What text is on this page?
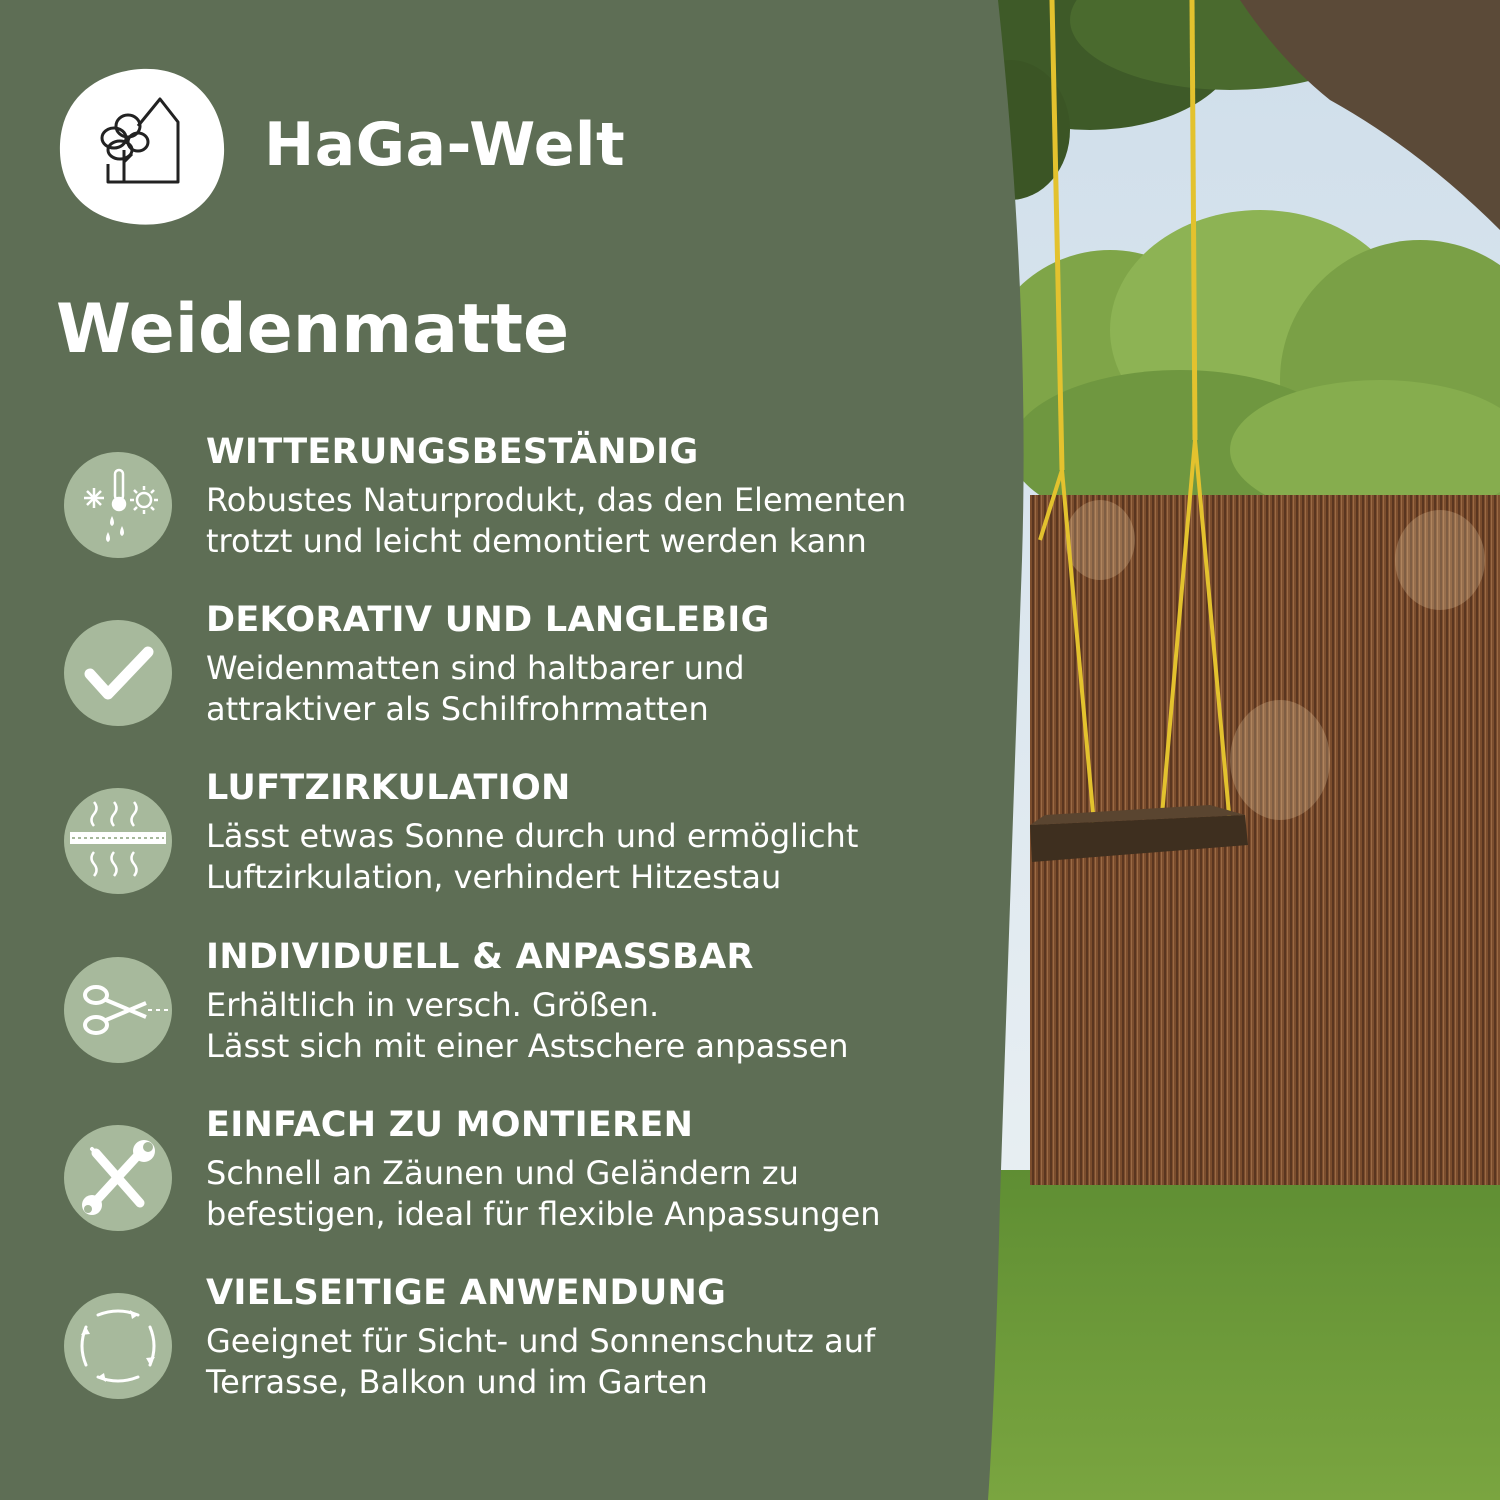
HaGa-Welt
Weidenmatte

WITTERUNGSBESTÄNDIG

Robustes Naturprodukt, das den Elementen
trotzt und leicht demontiert werden kann

DEKORATIV UND LANGLEBIG

Weidenmatten sind haltbarer und
attraktiver als Schilfrohrmatten

LUFTZIRKULATION

Lässt etwas Sonne durch und ermöglicht
Luftzirkulation, verhindert Hitzestau

INDIVIDUELL & ANPASSBAR

Erhältlich in versch. Größen.
Lässt sich mit einer Astschere anpassen

EINFACH ZU MONTIEREN

Schnell an Zäunen und Geländern zu
befestigen, ideal für flexible Anpassungen

VIELSEITIGE ANWENDUNG

Geeignet für Sicht- und Sonnenschutz auf
Terrasse, Balkon und im Garten
